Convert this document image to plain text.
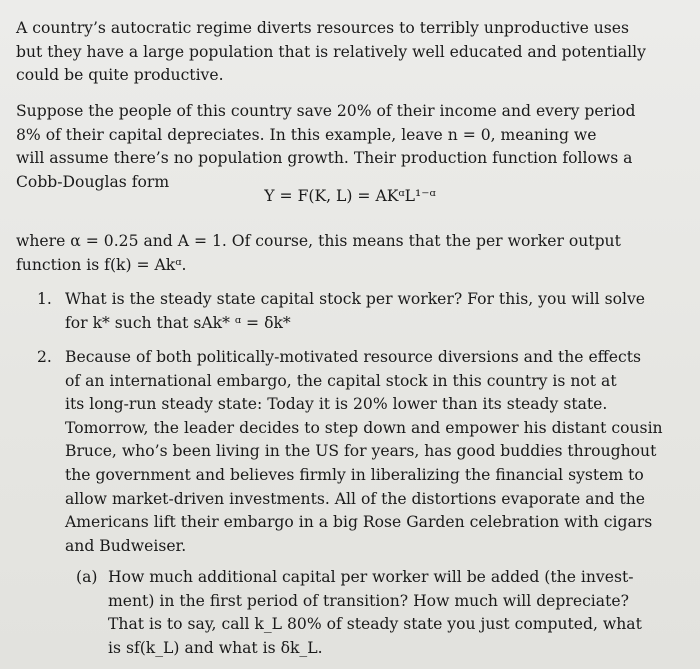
A country’s autocratic regime diverts resources to terribly unproductive uses
but they have a large population that is relatively well educated and potentially
could be quite productive.

Suppose the people of this country save 20% of their income and every period
8% of their capital depreciates. In this example, leave n = 0, meaning we
will assume there’s no population growth. Their production function follows a
Cobb-Douglas form

Y = F(K, L) = AKᵅL¹⁻ᵅ

where α = 0.25 and A = 1. Of course, this means that the per worker output
function is f(k) = Akᵅ.

1. What is the steady state capital stock per worker? For this, you will solve
for k* such that sAk* ᵅ = δk*
2. Because of both politically-motivated resource diversions and the effects
of an international embargo, the capital stock in this country is not at
its long-run steady state: Today it is 20% lower than its steady state.
Tomorrow, the leader decides to step down and empower his distant cousin
Bruce, who’s been living in the US for years, has good buddies throughout
the government and believes firmly in liberalizing the financial system to
allow market-driven investments. All of the distortions evaporate and the
Americans lift their embargo in a big Rose Garden celebration with cigars
and Budweiser.
(a) How much additional capital per worker will be added (the invest-
ment) in the first period of transition? How much will depreciate?
That is to say, call k_L 80% of steady state you just computed, what
is sf(k_L) and what is δk_L.
